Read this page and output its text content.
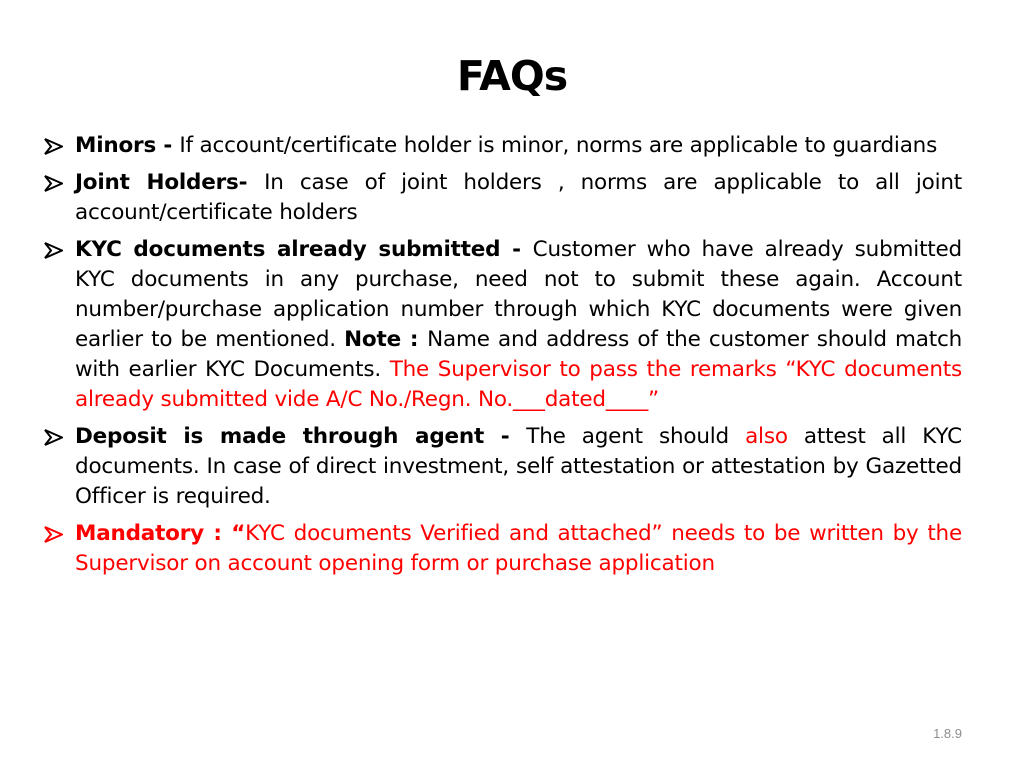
FAQs
Minors - If account/certificate holder is minor, norms are applicable to guardians
Joint Holders- In case of joint holders , norms are applicable to all joint account/certificate holders
KYC documents already submitted - Customer who have already submitted KYC documents in any purchase, need not to submit these again. Account number/purchase application number through which KYC documents were given earlier to be mentioned. Note : Name and address of the customer should match with earlier KYC Documents. The Supervisor to pass the remarks “KYC documents already submitted vide A/C No./Regn. No.___dated____”
Deposit is made through agent - The agent should also attest all KYC documents. In case of direct investment, self attestation or attestation by Gazetted Officer is required.
Mandatory : “KYC documents Verified and attached” needs to be written by the Supervisor on account opening form or purchase application
1.8.9
